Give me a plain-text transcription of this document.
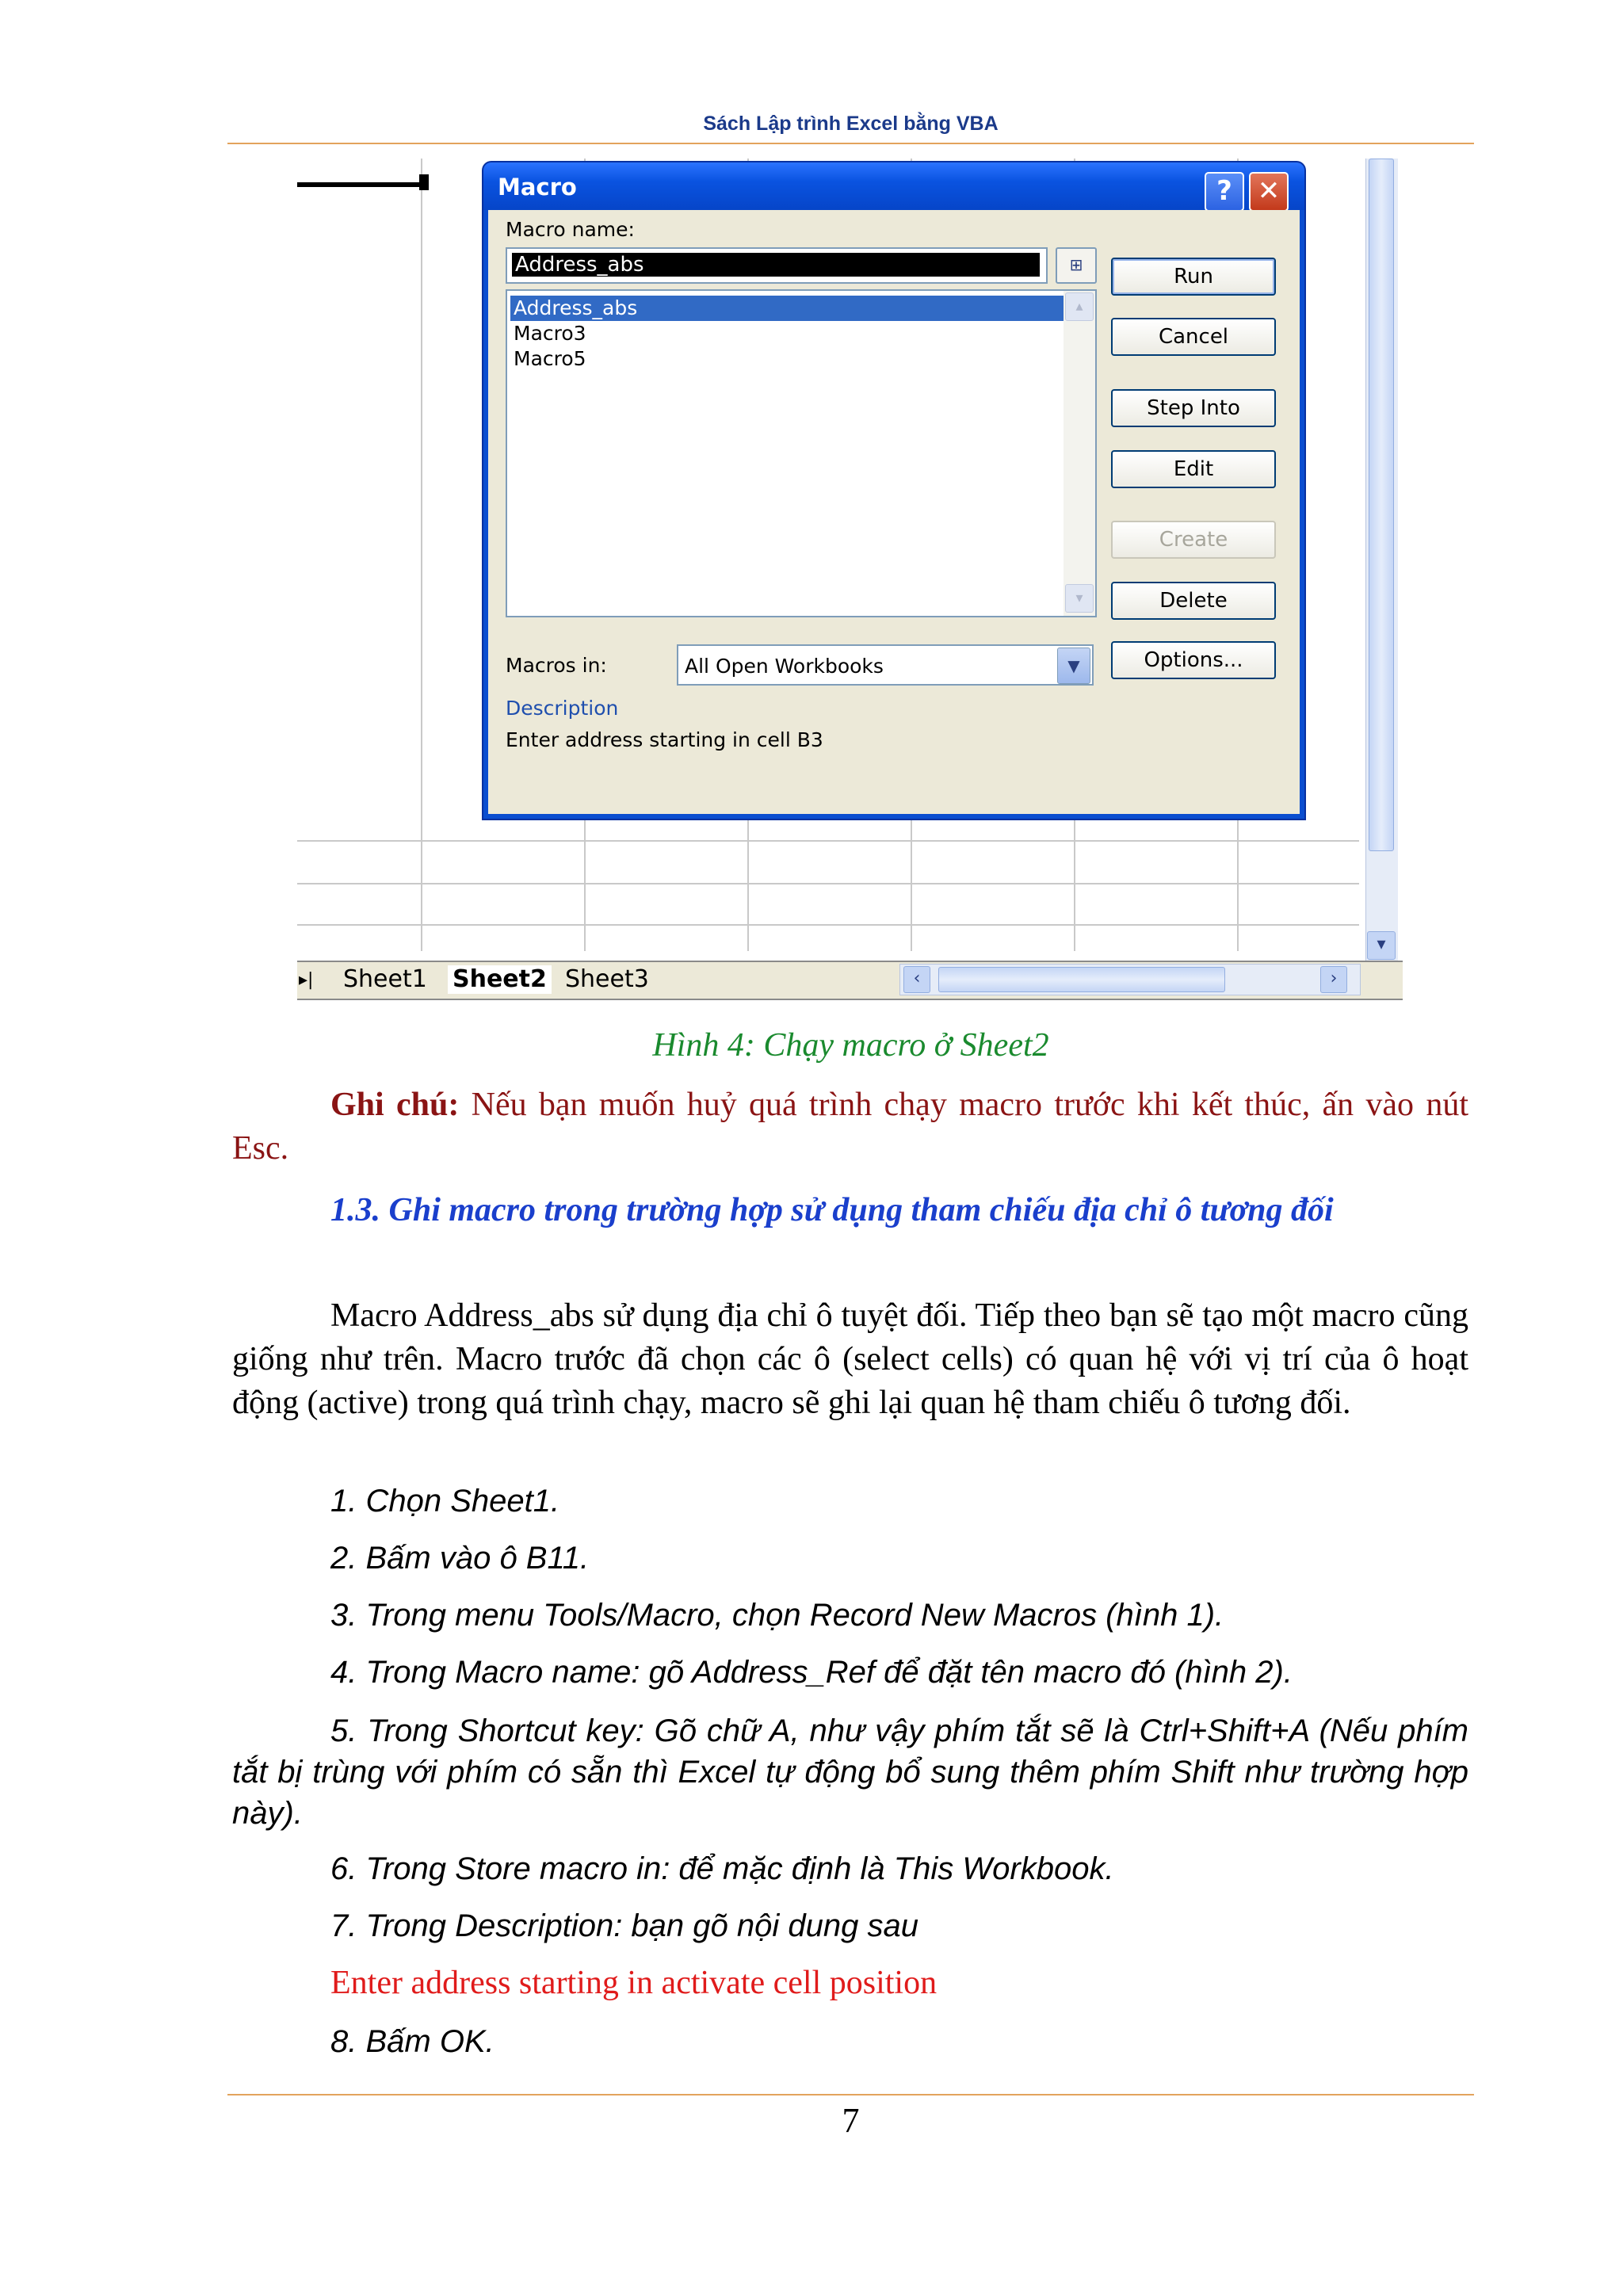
Sách Lập trình Excel bằng VBA
▾
Macro	? ✕
Macro name:
Address_abs	⊞
Address_abs
Macro3
Macro5
▴
▾
Macros in:	All Open Workbooks	▼
Description
Enter address starting in cell B3
Run
Cancel
Step Into
Edit
Create
Delete
Options...
▸| Sheet1 Sheet2 Sheet3	‹	›
Hình 4: Chạy macro ở Sheet2
Ghi chú: Nếu bạn muốn huỷ quá trình chạy macro trước khi kết thúc, ấn vào nút Esc.
1.3. Ghi macro trong trường hợp sử dụng tham chiếu địa chỉ ô tương đối
Macro Address_abs sử dụng địa chỉ ô tuyệt đối. Tiếp theo bạn sẽ tạo một macro cũng giống như trên. Macro trước đã chọn các ô (select cells) có quan hệ với vị trí của ô hoạt động (active) trong quá trình chạy, macro sẽ ghi lại quan hệ tham chiếu ô tương đối.
1. Chọn Sheet1.
2. Bấm vào ô B11.
3. Trong menu Tools/Macro, chọn Record New Macros (hình 1).
4. Trong Macro name: gõ Address_Ref để đặt tên macro đó (hình 2).
5. Trong Shortcut key: Gõ chữ A, như vậy phím tắt sẽ là Ctrl+Shift+A (Nếu phím tắt bị trùng với phím có sẵn thì Excel tự động bổ sung thêm phím Shift như trường hợp này).
6. Trong Store macro in: để mặc định là This Workbook.
7. Trong Description: bạn gõ nội dung sau
Enter address starting in activate cell position
8. Bấm OK.
7
